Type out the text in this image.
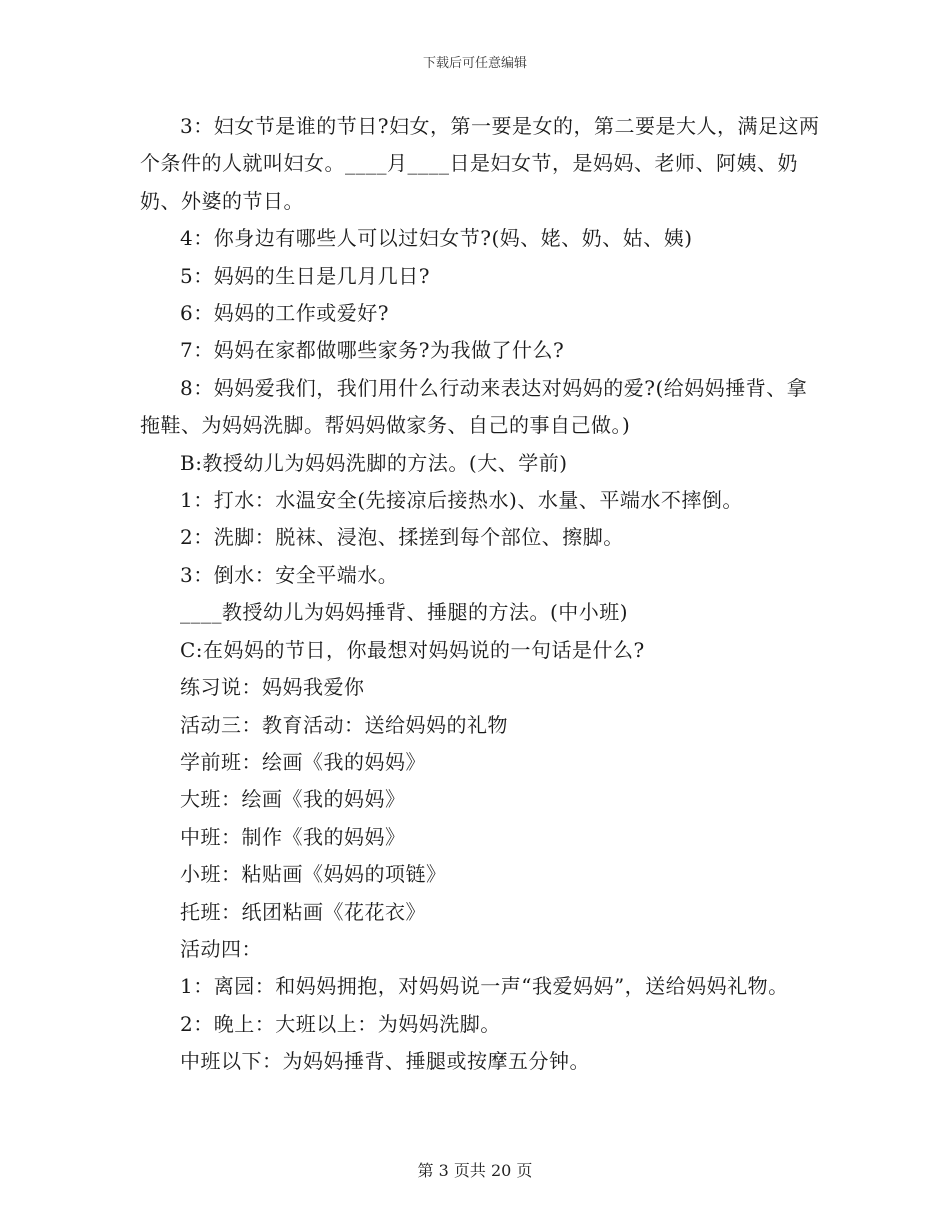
下载后可任意编辑

3：妇女节是谁的节日?妇女，第一要是女的，第二要是大人，满足这两个条件的人就叫妇女。____月____日是妇女节，是妈妈、老师、阿姨、奶奶、外婆的节日。

4：你身边有哪些人可以过妇女节?(妈、姥、奶、姑、姨)

5：妈妈的生日是几月几日?

6：妈妈的工作或爱好?

7：妈妈在家都做哪些家务?为我做了什么?

8：妈妈爱我们，我们用什么行动来表达对妈妈的爱?(给妈妈捶背、拿拖鞋、为妈妈洗脚。帮妈妈做家务、自己的事自己做。)

B:教授幼儿为妈妈洗脚的方法。(大、学前)

1：打水：水温安全(先接凉后接热水)、水量、平端水不摔倒。

2：洗脚：脱袜、浸泡、揉搓到每个部位、擦脚。

3：倒水：安全平端水。

____教授幼儿为妈妈捶背、捶腿的方法。(中小班)

C:在妈妈的节日，你最想对妈妈说的一句话是什么?

练习说：妈妈我爱你

活动三：教育活动：送给妈妈的礼物

学前班：绘画《我的妈妈》

大班：绘画《我的妈妈》

中班：制作《我的妈妈》

小班：粘贴画《妈妈的项链》

托班：纸团粘画《花花衣》

活动四：

1：离园：和妈妈拥抱，对妈妈说一声“我爱妈妈”，送给妈妈礼物。

2：晚上：大班以上：为妈妈洗脚。

中班以下：为妈妈捶背、捶腿或按摩五分钟。

第 3 页共 20 页
